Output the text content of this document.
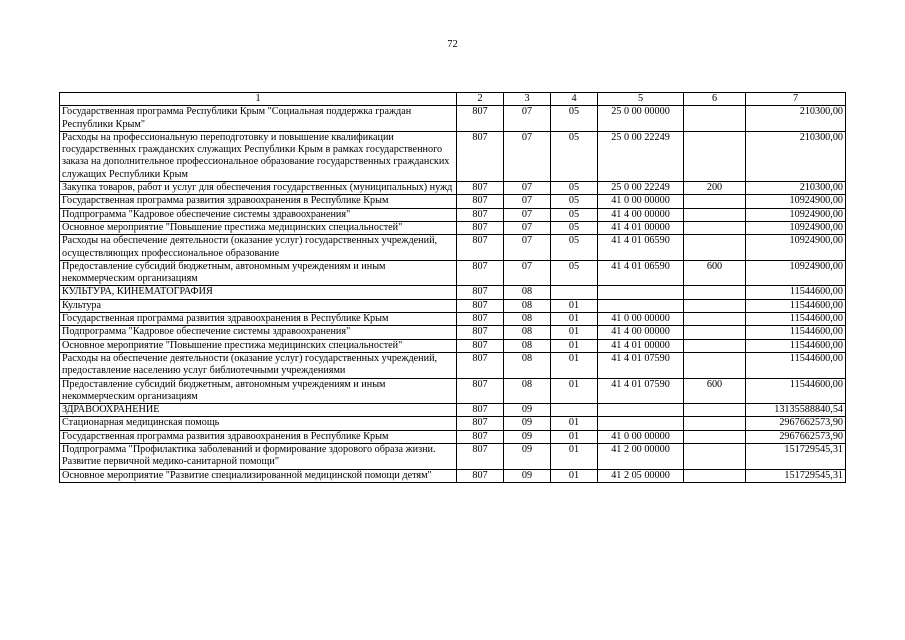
72
1	2	3	4	5	6	7
Государственная программа Республики Крым "Социальная поддержка граждан Республики Крым"	807	07	05	25 0 00 00000		210300,00
Расходы на профессиональную переподготовку и повышение квалификации государственных гражданских служащих Республики Крым в рамках государственного заказа на дополнительное профессиональное образование государственных гражданских служащих Республики Крым	807	07	05	25 0 00 22249		210300,00
Закупка товаров, работ и услуг для обеспечения государственных (муниципальных) нужд	807	07	05	25 0 00 22249	200	210300,00
Государственная программа развития здравоохранения в Республике Крым	807	07	05	41 0 00 00000		10924900,00
Подпрограмма "Кадровое обеспечение системы здравоохранения"	807	07	05	41 4 00 00000		10924900,00
Основное мероприятие "Повышение престижа медицинских специальностей"	807	07	05	41 4 01 00000		10924900,00
Расходы на обеспечение деятельности (оказание услуг) государственных учреждений, осуществляющих профессиональное образование	807	07	05	41 4 01 06590		10924900,00
Предоставление субсидий бюджетным, автономным учреждениям и иным некоммерческим организациям	807	07	05	41 4 01 06590	600	10924900,00
КУЛЬТУРА, КИНЕМАТОГРАФИЯ	807	08				11544600,00
Культура	807	08	01			11544600,00
Государственная программа развития здравоохранения в Республике Крым	807	08	01	41 0 00 00000		11544600,00
Подпрограмма "Кадровое обеспечение системы здравоохранения"	807	08	01	41 4 00 00000		11544600,00
Основное мероприятие "Повышение престижа медицинских специальностей"	807	08	01	41 4 01 00000		11544600,00
Расходы на обеспечение деятельности (оказание услуг) государственных учреждений, предоставление населению услуг библиотечными учреждениями	807	08	01	41 4 01 07590		11544600,00
Предоставление субсидий бюджетным, автономным учреждениям и иным некоммерческим организациям	807	08	01	41 4 01 07590	600	11544600,00
ЗДРАВООХРАНЕНИЕ	807	09				13135588840,54
Стационарная медицинская помощь	807	09	01			2967662573,90
Государственная программа развития здравоохранения в Республике Крым	807	09	01	41 0 00 00000		2967662573,90
Подпрограмма "Профилактика заболеваний и формирование здорового образа жизни. Развитие первичной медико-санитарной помощи"	807	09	01	41 2 00 00000		151729545,31
Основное мероприятие "Развитие специализированной медицинской помощи детям"	807	09	01	41 2 05 00000		151729545,31
